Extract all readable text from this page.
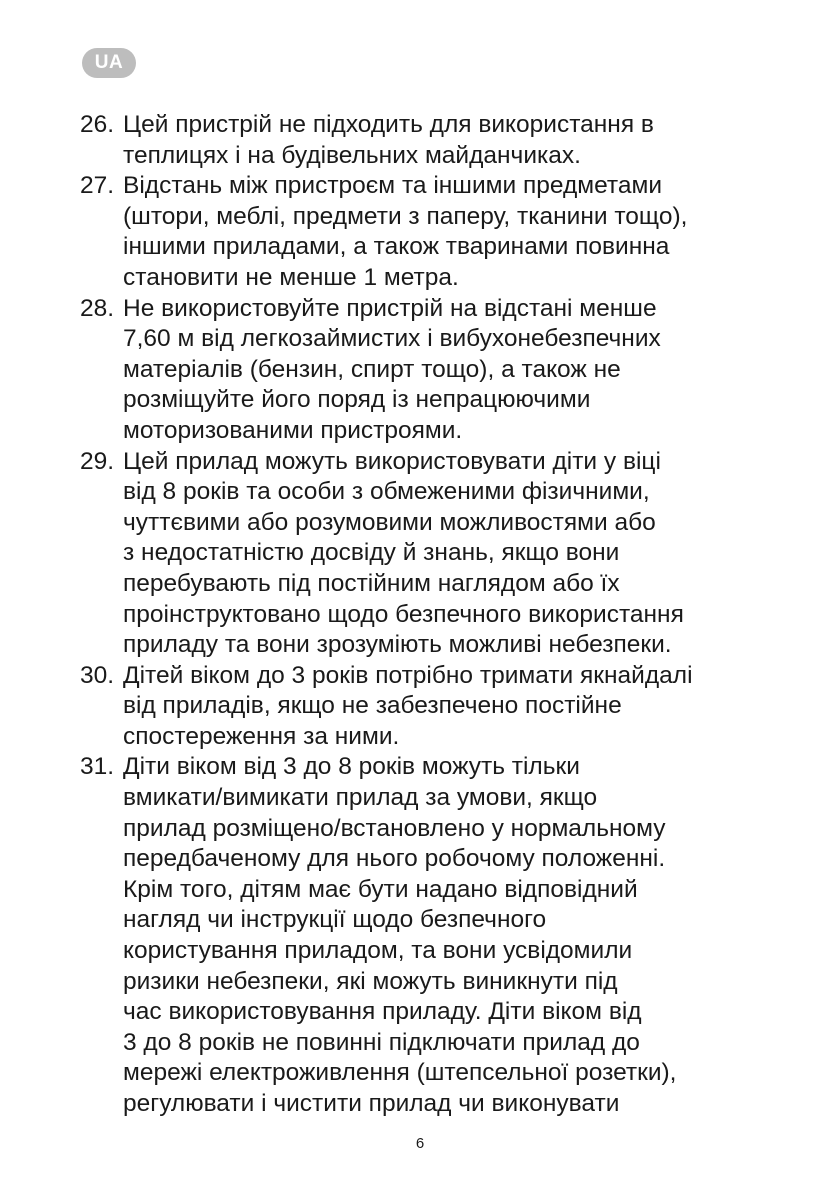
UA
26. Цей пристрій не підходить для використання в
теплицях і на будівельних майданчиках.
27. Відстань між пристроєм та іншими предметами
(штори, меблі, предмети з паперу, тканини тощо),
іншими приладами, а також тваринами повинна
становити не менше 1 метра.
28. Не використовуйте пристрій на відстані менше
7,60 м від легкозаймистих і вибухонебезпечних
матеріалів (бензин, спирт тощо), а також не
розміщуйте його поряд із непрацюючими
моторизованими пристроями.
29. Цей прилад можуть використовувати діти у віці
від 8 років та особи з обмеженими фізичними,
чуттєвими або розумовими можливостями або
з недостатністю досвіду й знань, якщо вони
перебувають під постійним наглядом або їх
проінструктовано щодо безпечного використання
приладу та вони зрозуміють можливі небезпеки.
30. Дітей віком до 3 років потрібно тримати якнайдалі
від приладів, якщо не забезпечено постійне
спостереження за ними.
31. Діти віком від 3 до 8 років можуть тільки
вмикати/вимикати прилад за умови, якщо
прилад розміщено/встановлено у нормальному
передбаченому для нього робочому положенні.
Крім того, дітям має бути надано відповідний
нагляд чи інструкції щодо безпечного
користування приладом, та вони усвідомили
ризики небезпеки, які можуть виникнути під
час використовування приладу. Діти віком від
3 до 8 років не повинні підключати прилад до
мережі електроживлення (штепсельної розетки),
регулювати і чистити прилад чи виконувати
6
